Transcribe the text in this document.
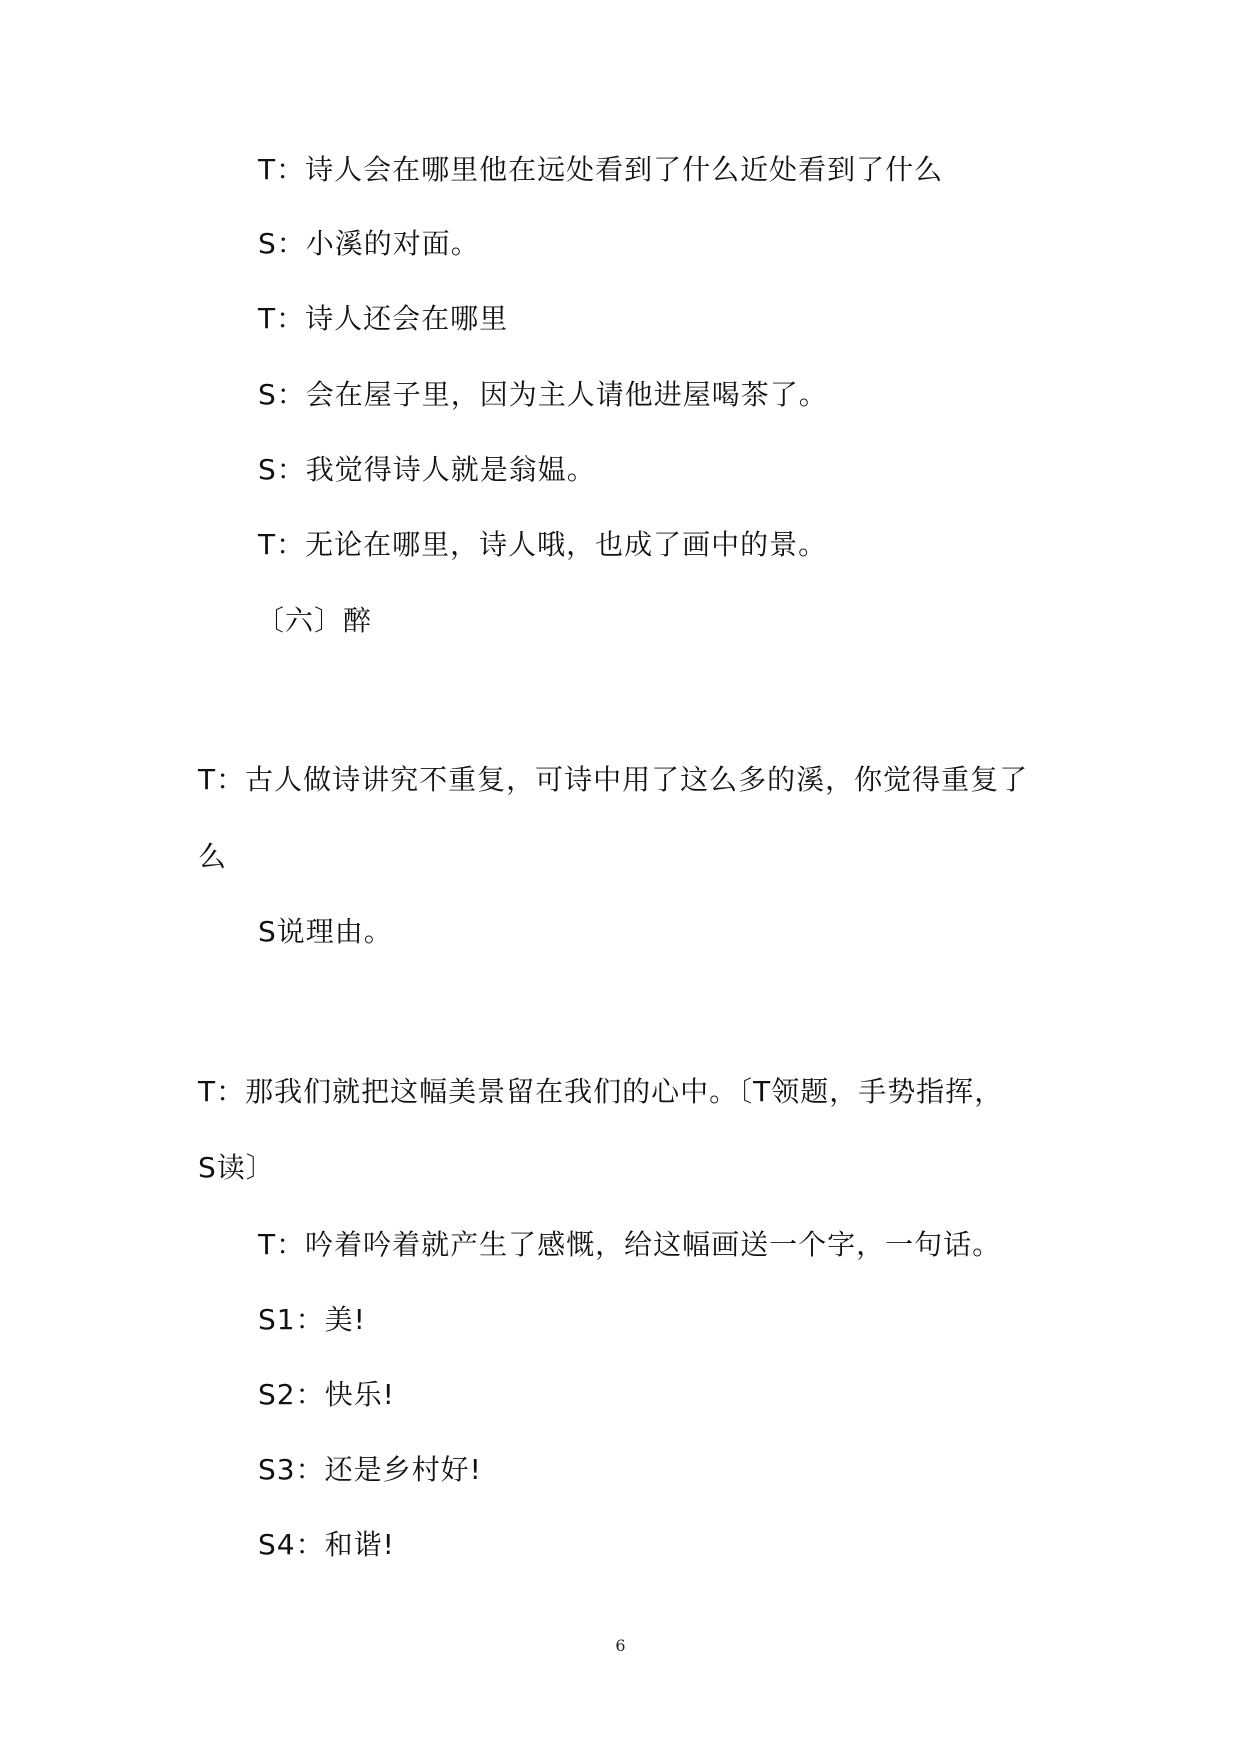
T：诗人会在哪里他在远处看到了什么近处看到了什么
S：小溪的对面。
T：诗人还会在哪里
S：会在屋子里，因为主人请他进屋喝茶了。
S：我觉得诗人就是翁媪。
T：无论在哪里，诗人哦，也成了画中的景。
〔六〕醉
T：古人做诗讲究不重复，可诗中用了这么多的溪，你觉得重复了
么
S说理由。
T：那我们就把这幅美景留在我们的心中。〔T领题，手势指挥，
S读〕
T：吟着吟着就产生了感慨，给这幅画送一个字，一句话。
S1：美!
S2：快乐!
S3：还是乡村好!
S4：和谐!
6
